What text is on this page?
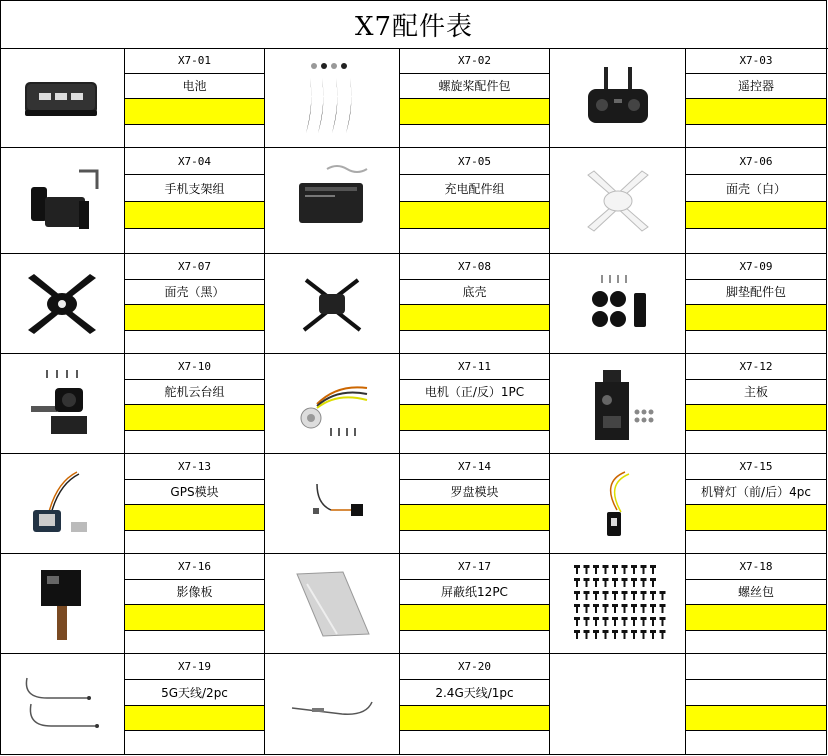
X7配件表
X7-01
电池
X7-02
螺旋桨配件包
X7-03
遥控器
X7-04
手机支架组
X7-05
充电配件组
X7-06
面壳（白）
X7-07
面壳（黑）
X7-08
底壳
X7-09
脚垫配件包
X7-10
舵机云台组
X7-11
电机（正/反）1PC
X7-12
主板
X7-13
GPS模块
X7-14
罗盘模块
X7-15
机臂灯（前/后）4pc
X7-16
影像板
X7-17
屏蔽纸12PC
X7-18
螺丝包
X7-19
5G天线/2pc
X7-20
2.4G天线/1pc
